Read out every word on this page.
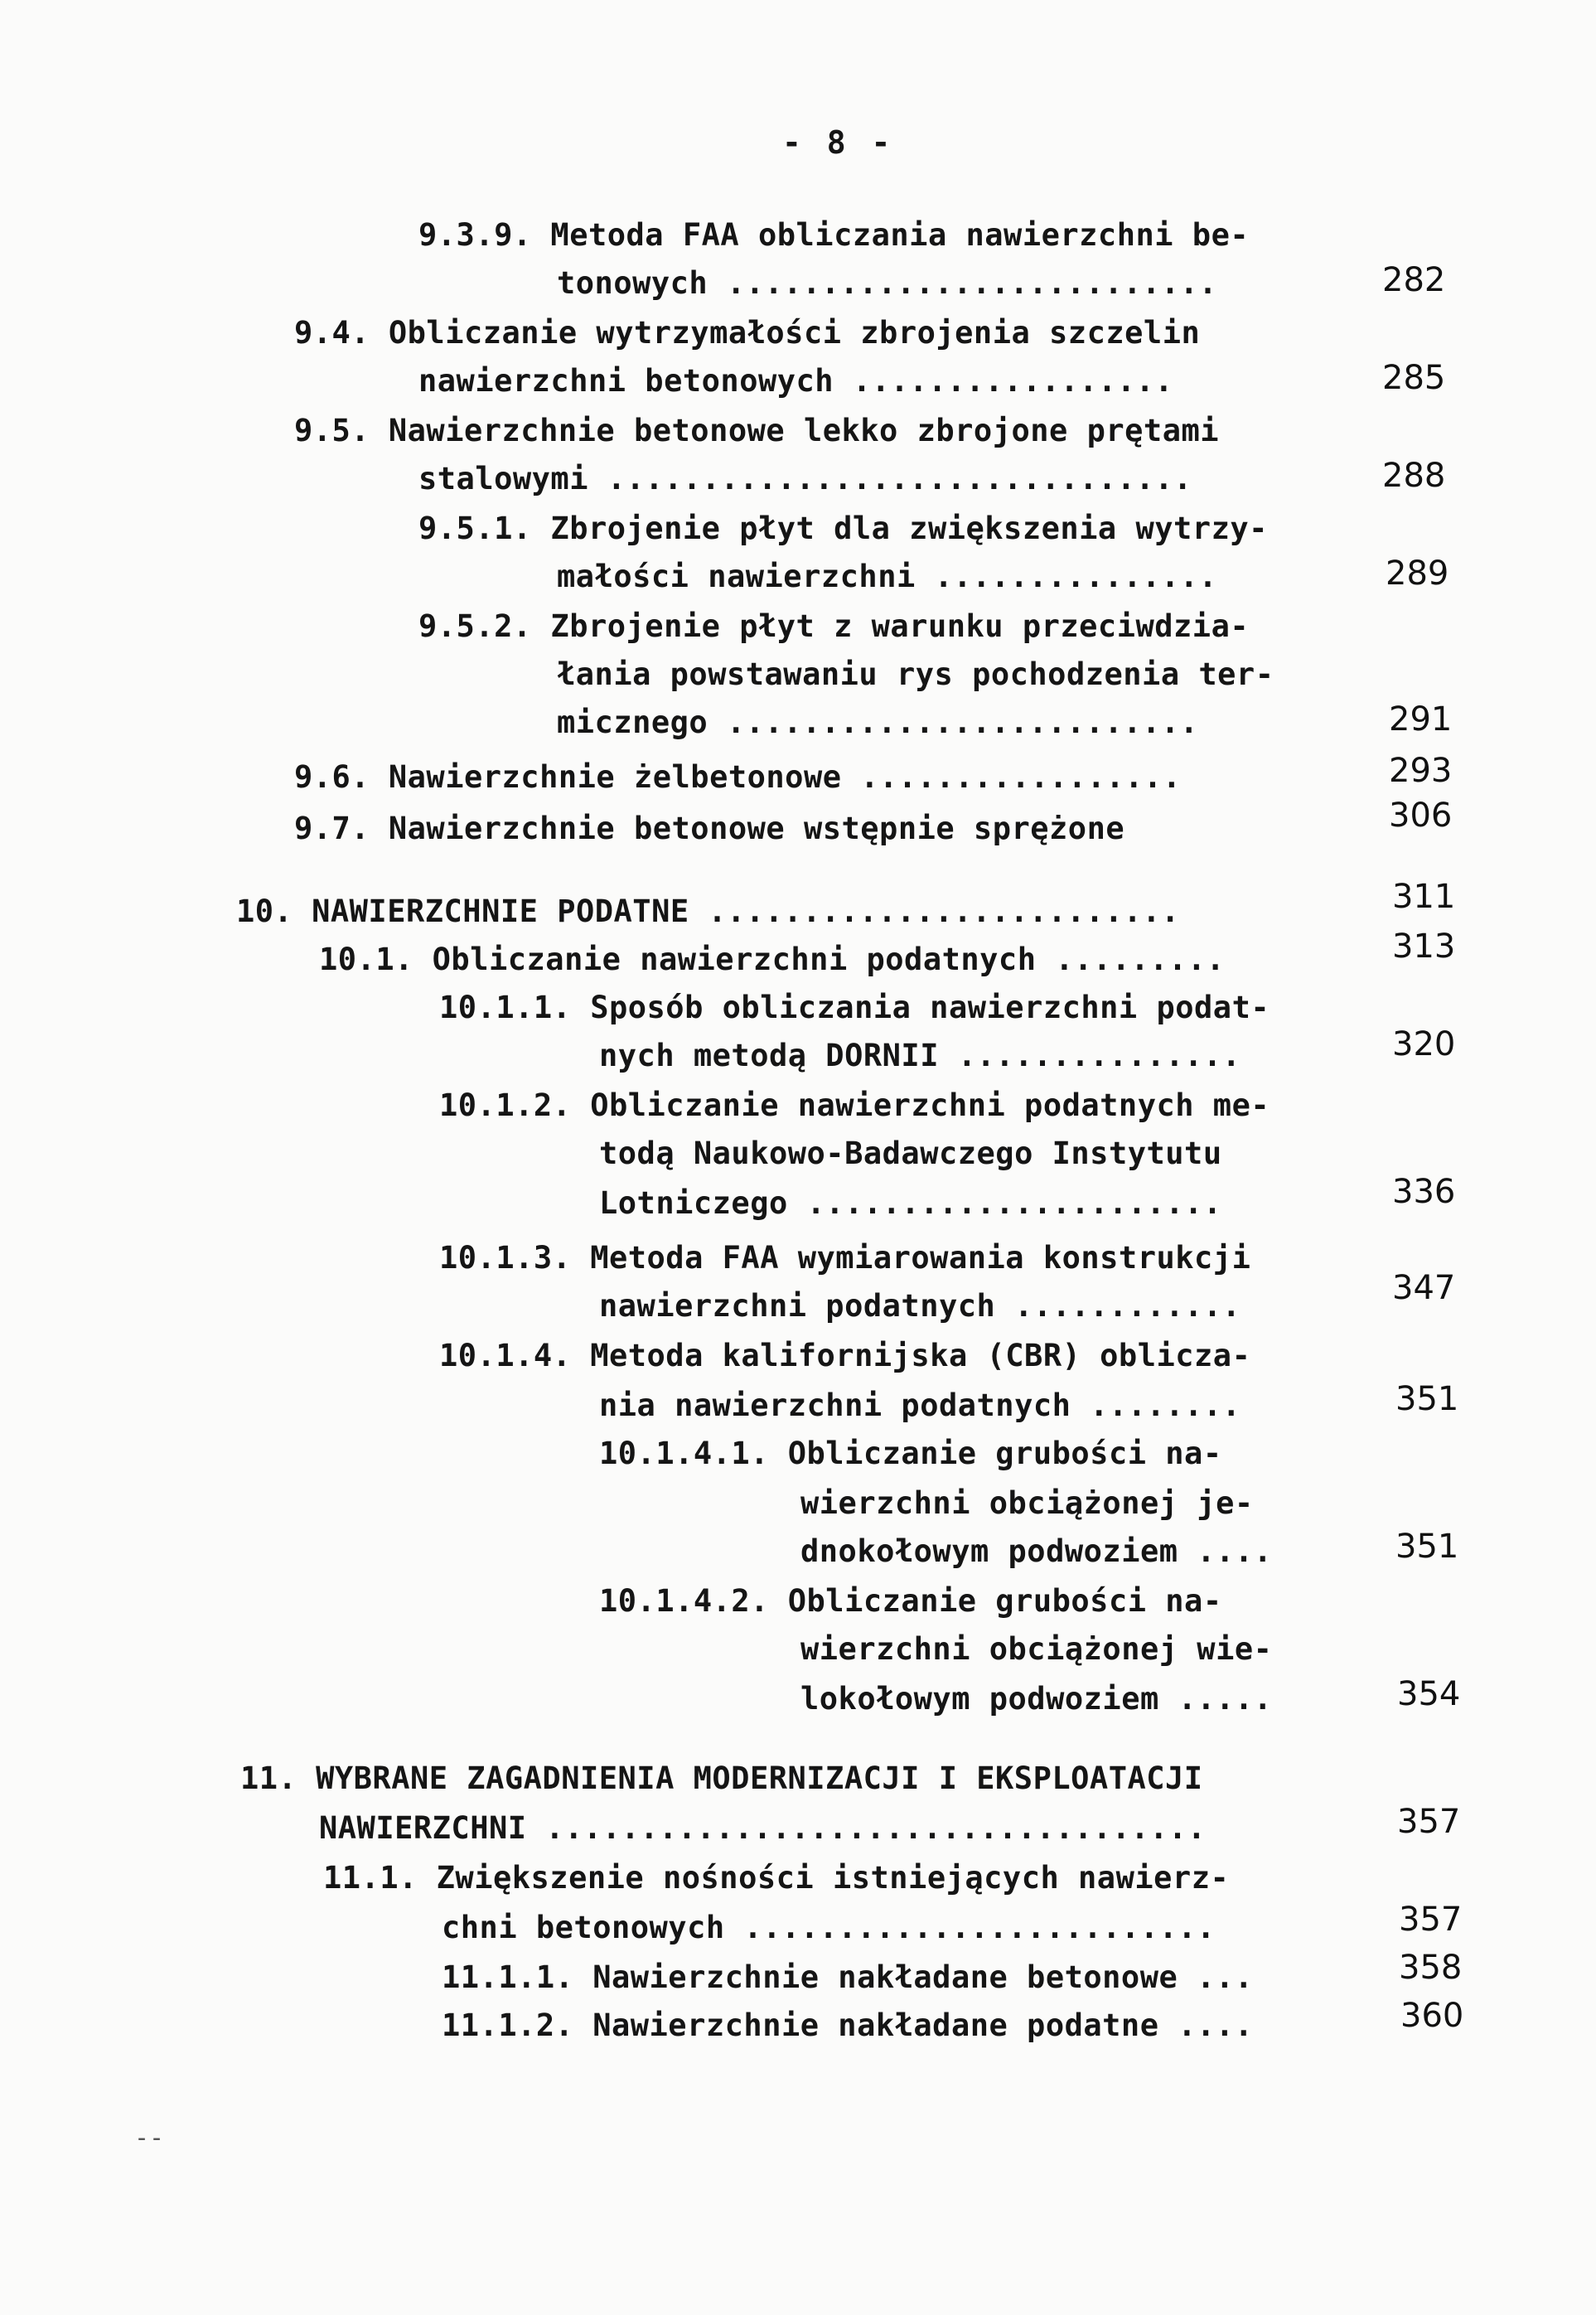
- 8 -
9.3.9. Metoda FAA obliczania nawierzchni be-
tonowych ..........................	282
9.4. Obliczanie wytrzymałości zbrojenia szczelin
nawierzchni betonowych .................	285
9.5. Nawierzchnie betonowe lekko zbrojone prętami
stalowymi ...............................	288
9.5.1. Zbrojenie płyt dla zwiększenia wytrzy-
małości nawierzchni ...............	289
9.5.2. Zbrojenie płyt z warunku przeciwdzia-
łania powstawaniu rys pochodzenia ter-
micznego .........................	291
9.6. Nawierzchnie żelbetonowe .................	293
9.7. Nawierzchnie betonowe wstępnie sprężone	306
10. NAWIERZCHNIE PODATNE .........................	311
10.1. Obliczanie nawierzchni podatnych .........	313
10.1.1. Sposób obliczania nawierzchni podat-
nych metodą DORNII ...............	320
10.1.2. Obliczanie nawierzchni podatnych me-
todą Naukowo-Badawczego Instytutu
Lotniczego ......................	336
10.1.3. Metoda FAA wymiarowania konstrukcji
nawierzchni podatnych ............	347
10.1.4. Metoda kalifornijska (CBR) oblicza-
nia nawierzchni podatnych ........	351
10.1.4.1. Obliczanie grubości na-
wierzchni obciążonej je-
dnokołowym podwoziem ....	351
10.1.4.2. Obliczanie grubości na-
wierzchni obciążonej wie-
lokołowym podwoziem .....	354
11. WYBRANE ZAGADNIENIA MODERNIZACJI I EKSPLOATACJI
NAWIERZCHNI ...................................	357
11.1. Zwiększenie nośności istniejących nawierz-
chni betonowych .........................	357
11.1.1. Nawierzchnie nakładane betonowe ...	358
11.1.2. Nawierzchnie nakładane podatne ....	360
--
